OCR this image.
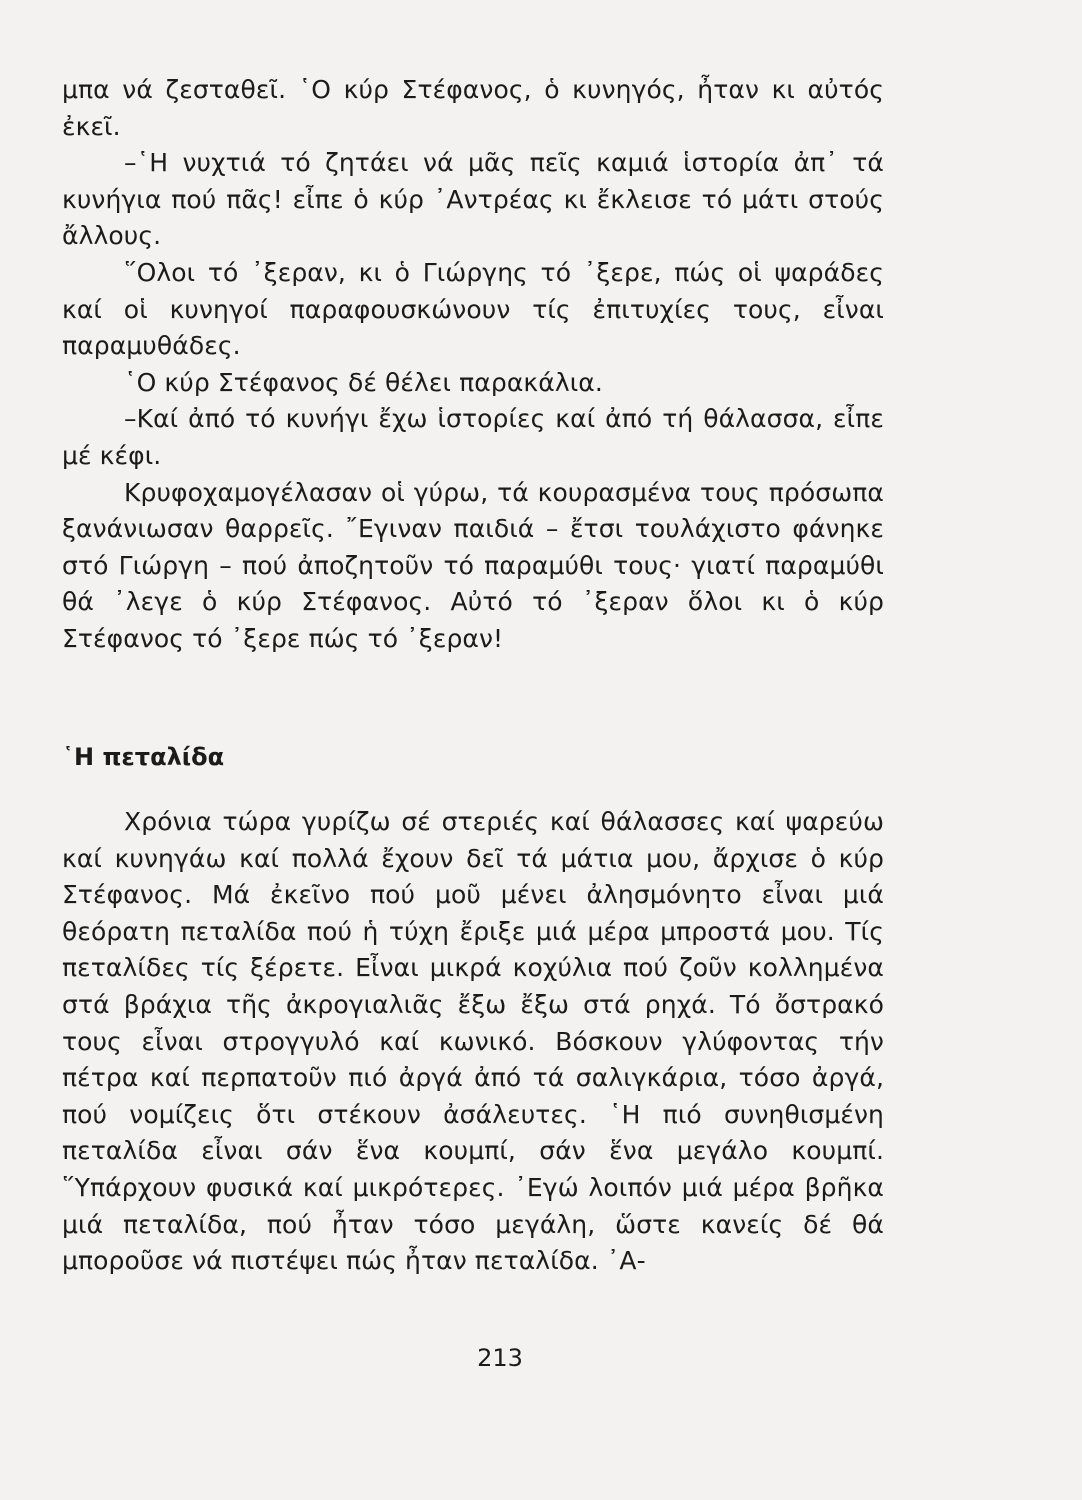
μπα νά ζεσταθεῖ. ῾Ο κύρ Στέφανος, ὁ κυνηγός, ἦταν κι αὐτός ἐκεῖ.

–῾Η νυχτιά τό ζητάει νά μᾶς πεῖς καμιά ἱστορία ἀπ᾽ τά κυνήγια πού πᾶς! εἶπε ὁ κύρ ᾽Αντρέας κι ἔκλεισε τό μάτι στούς ἄλλους.

῞Ολοι τό ᾽ξεραν, κι ὁ Γιώργης τό ᾽ξερε, πώς οἱ ψαράδες καί οἱ κυνηγοί παραφουσκώνουν τίς ἐπιτυχίες τους, εἶναι παραμυθάδες.

῾Ο κύρ Στέφανος δέ θέλει παρακάλια.

–Καί ἀπό τό κυνήγι ἔχω ἱστορίες καί ἀπό τή θάλασσα, εἶπε μέ κέφι.

Κρυφοχαμογέλασαν οἱ γύρω, τά κουρασμένα τους πρόσωπα ξανάνιωσαν θαρρεῖς. ῎Εγιναν παιδιά – ἔτσι τουλάχιστο φάνηκε στό Γιώργη – πού ἀποζητοῦν τό παραμύθι τους· γιατί παραμύθι θά ᾽λεγε ὁ κύρ Στέφανος. Αὐτό τό ᾽ξεραν ὅλοι κι ὁ κύρ Στέφανος τό ᾽ξερε πώς τό ᾽ξεραν!

῾Η πεταλίδα

Χρόνια τώρα γυρίζω σέ στεριές καί θάλασσες καί ψαρεύω καί κυνηγάω καί πολλά ἔχουν δεῖ τά μάτια μου, ἄρχισε ὁ κύρ Στέφανος. Μά ἐκεῖνο πού μοῦ μένει ἀλησμόνητο εἶναι μιά θεόρατη πεταλίδα πού ἡ τύχη ἔριξε μιά μέρα μπροστά μου. Τίς πεταλίδες τίς ξέρετε. Εἶναι μικρά κοχύλια πού ζοῦν κολλημένα στά βράχια τῆς ἀκρογιαλιᾶς ἔξω ἔξω στά ρηχά. Τό ὄστρακό τους εἶναι στρογγυλό καί κωνικό. Βόσκουν γλύφοντας τήν πέτρα καί περπατοῦν πιό ἀργά ἀπό τά σαλιγκάρια, τόσο ἀργά, πού νομίζεις ὅτι στέκουν ἀσάλευτες. ῾Η πιό συνηθισμένη πεταλίδα εἶναι σάν ἕνα κουμπί, σάν ἕνα μεγάλο κουμπί. ῞Υπάρχουν φυσικά καί μικρότερες. ᾽Εγώ λοιπόν μιά μέρα βρῆκα μιά πεταλίδα, πού ἦταν τόσο μεγάλη, ὥστε κανείς δέ θά μποροῦσε νά πιστέψει πώς ἦταν πεταλίδα. ᾽Α-

213
